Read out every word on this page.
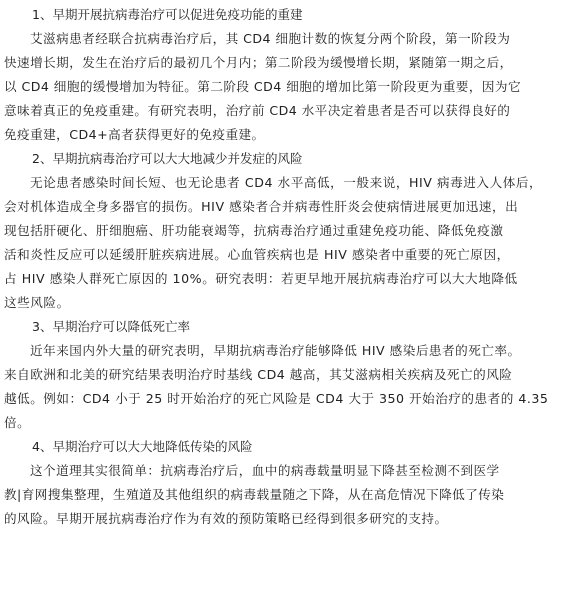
1、早期开展抗病毒治疗可以促进免疫功能的重建

艾滋病患者经联合抗病毒治疗后，其 CD4 细胞计数的恢复分两个阶段，第一阶段为
快速增长期，发生在治疗后的最初几个月内；第二阶段为缓慢增长期，紧随第一期之后，
以 CD4 细胞的缓慢增加为特征。第二阶段 CD4 细胞的增加比第一阶段更为重要，因为它
意味着真正的免疫重建。有研究表明，治疗前 CD4 水平决定着患者是否可以获得良好的
免疫重建，CD4+高者获得更好的免疫重建。

2、早期抗病毒治疗可以大大地减少并发症的风险

无论患者感染时间长短、也无论患者 CD4 水平高低，一般来说，HIV 病毒进入人体后，
会对机体造成全身多器官的损伤。HIV 感染者合并病毒性肝炎会使病情进展更加迅速，出
现包括肝硬化、肝细胞癌、肝功能衰竭等，抗病毒治疗通过重建免疫功能、降低免疫激
活和炎性反应可以延缓肝脏疾病进展。心血管疾病也是 HIV 感染者中重要的死亡原因，
占 HIV 感染人群死亡原因的 10%。研究表明：若更早地开展抗病毒治疗可以大大地降低
这些风险。

3、早期治疗可以降低死亡率

近年来国内外大量的研究表明，早期抗病毒治疗能够降低 HIV 感染后患者的死亡率。
来自欧洲和北美的研究结果表明治疗时基线 CD4 越高，其艾滋病相关疾病及死亡的风险
越低。例如：CD4 小于 25 时开始治疗的死亡风险是 CD4 大于 350 开始治疗的患者的 4.35
倍。

4、早期治疗可以大大地降低传染的风险

这个道理其实很简单：抗病毒治疗后，血中的病毒载量明显下降甚至检测不到医学
教|育网搜集整理，生殖道及其他组织的病毒载量随之下降，从在高危情况下降低了传染
的风险。早期开展抗病毒治疗作为有效的预防策略已经得到很多研究的支持。
